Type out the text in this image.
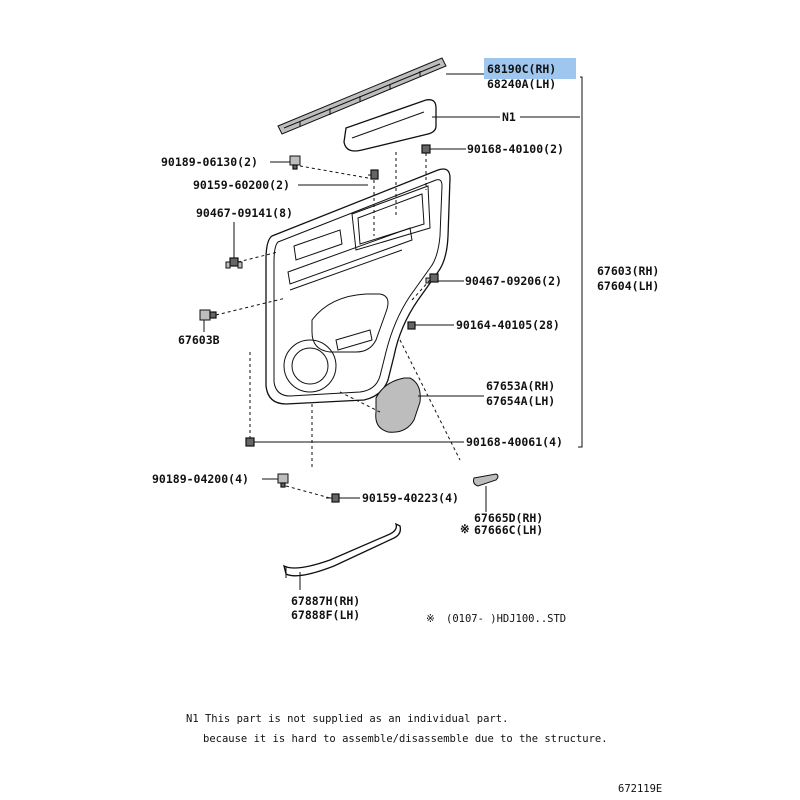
68190C(RH)
68240A(LH)
N1
90189-06130(2)
90168-40100(2)
90159-60200(2)
90467-09141(8)
67603(RH)
67604(LH)
90467-09206(2)
67603B
90164-40105(28)
67653A(RH)
67654A(LH)
90168-40061(4)
90189-04200(4)
90159-40223(4)
67665D(RH)
※ 67666C(LH)
67887H(RH)
67888F(LH)	※ (0107- )HDJ100..STD
N1 This part is not supplied as an individual part.
because it is hard to assemble/disassemble due to the structure.
672119E
